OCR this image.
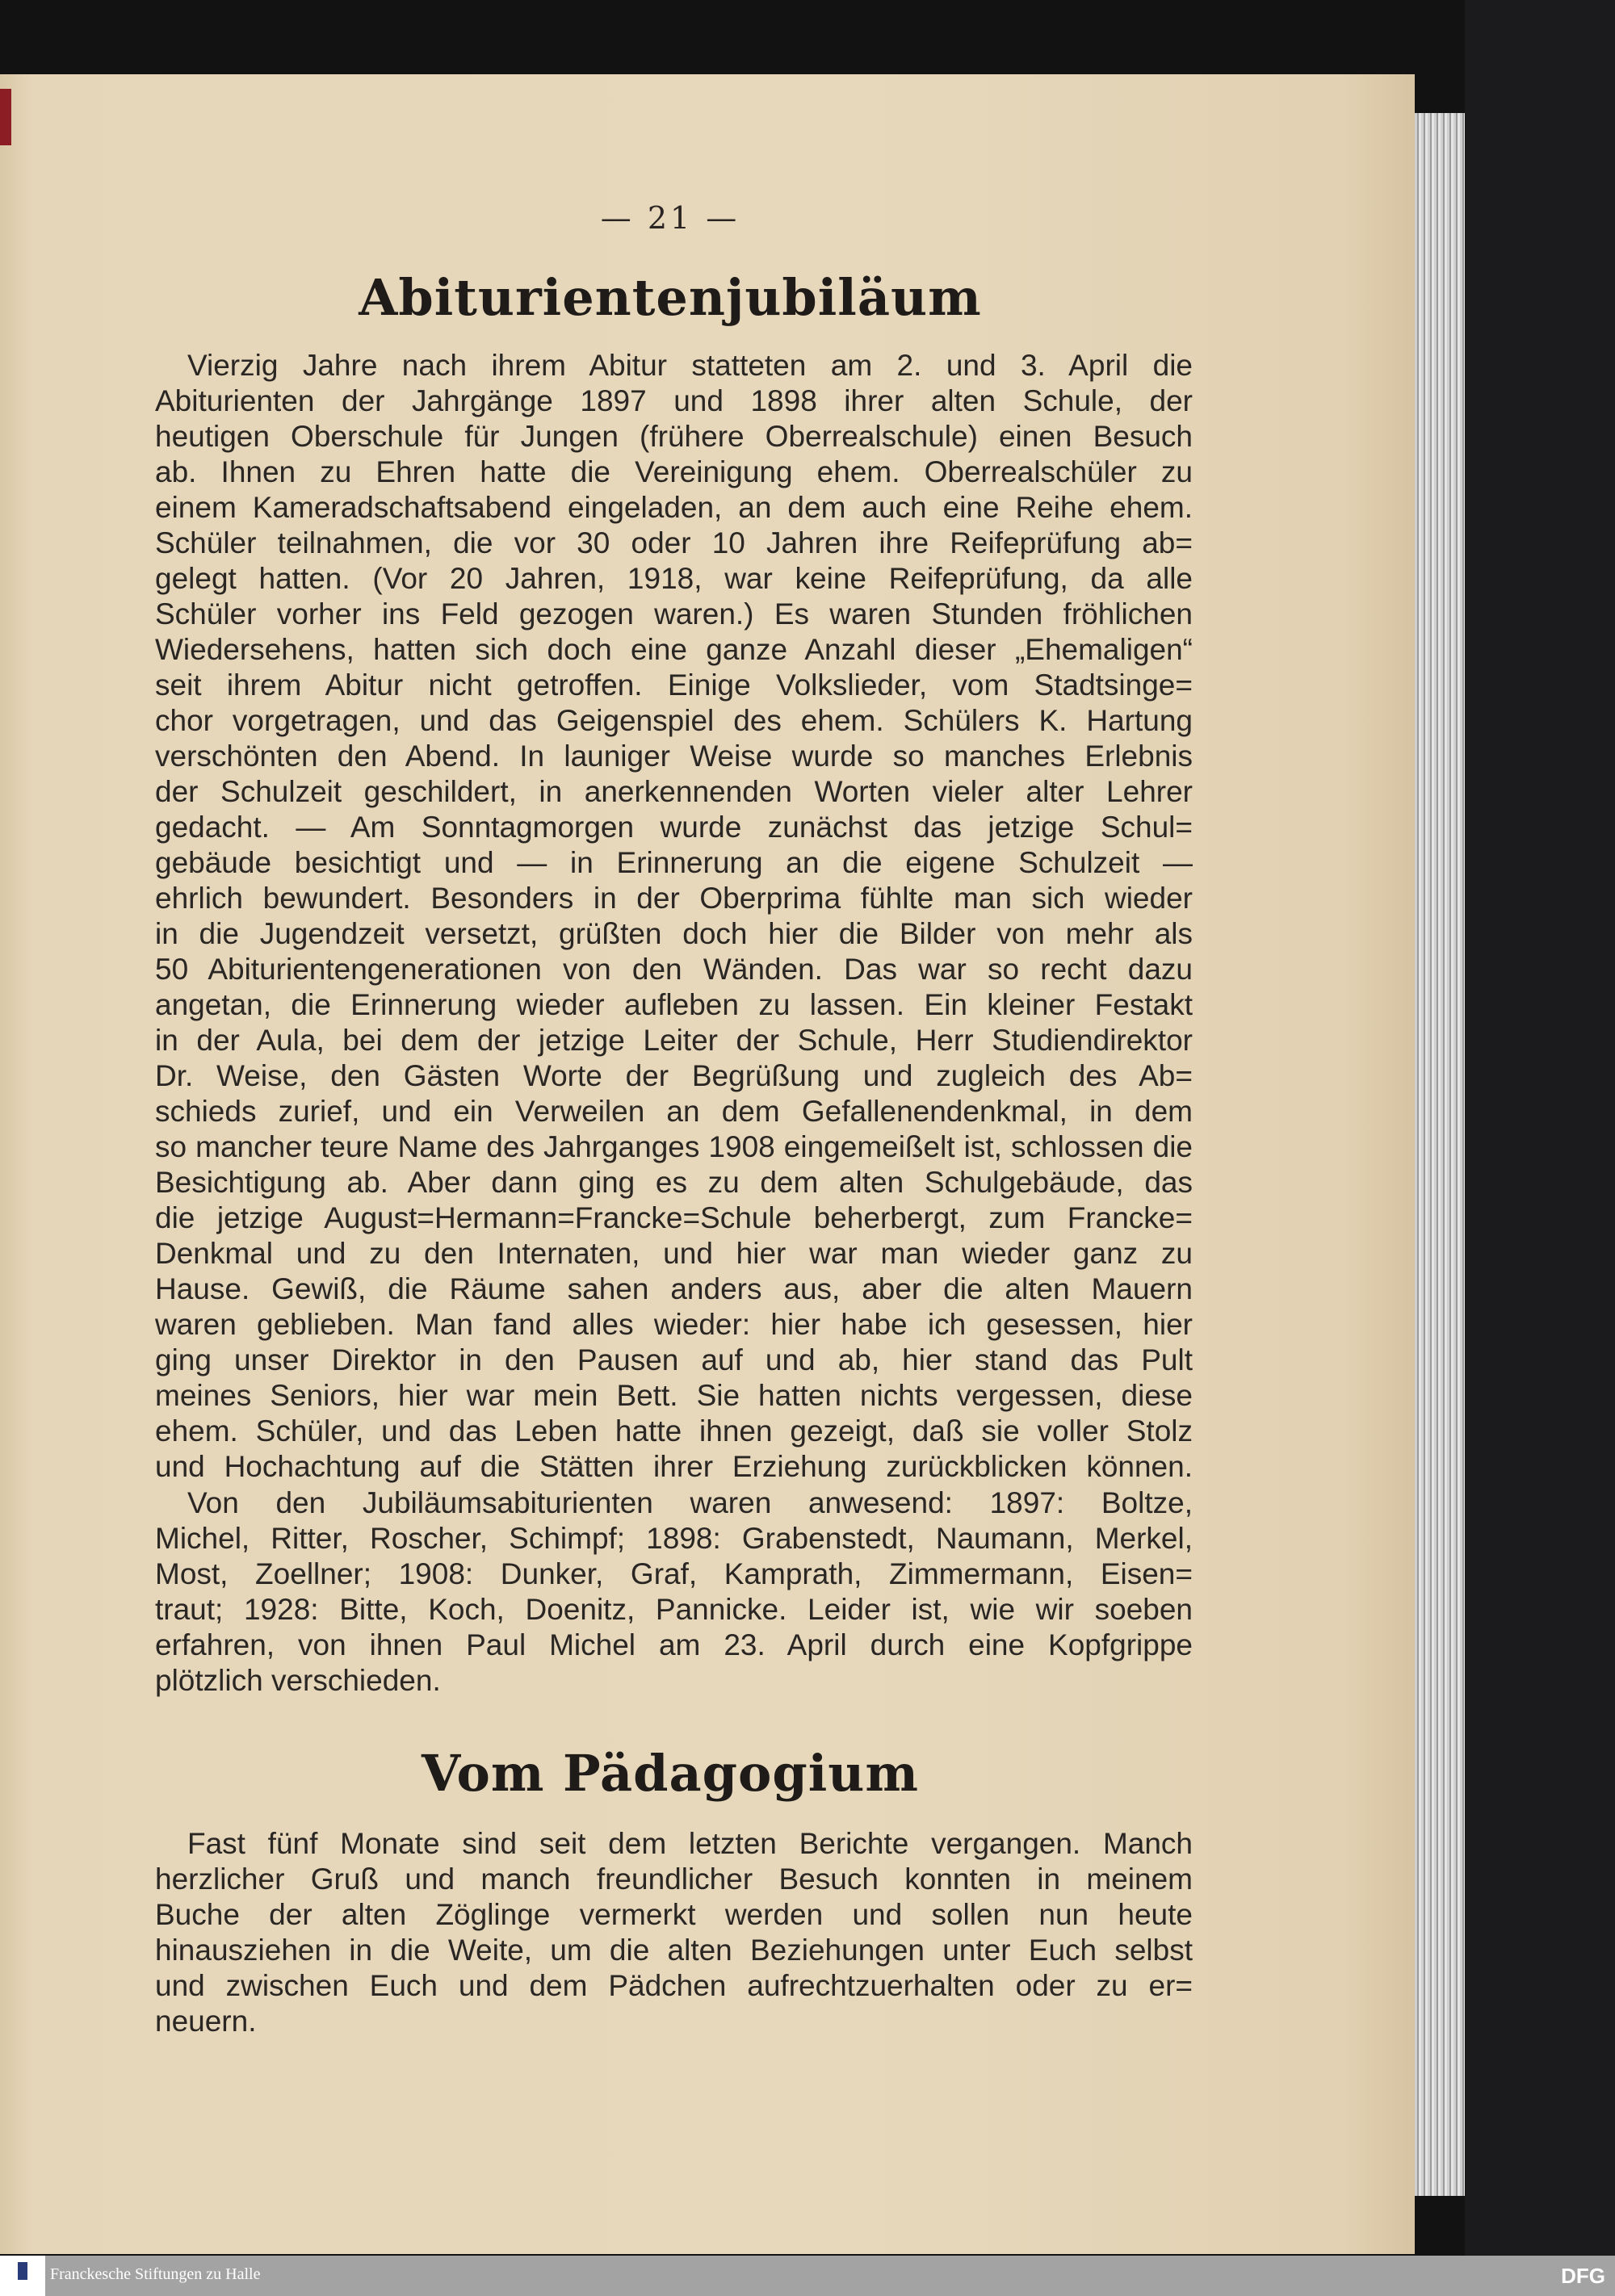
— 21 —
Abiturientenjubiläum
Vierzig Jahre nach ihrem Abitur statteten am 2. und 3. April die
Abiturienten der Jahrgänge 1897 und 1898 ihrer alten Schule, der
heutigen Oberschule für Jungen (frühere Oberrealschule) einen Besuch
ab. Ihnen zu Ehren hatte die Vereinigung ehem. Oberrealschüler zu
einem Kameradschaftsabend eingeladen, an dem auch eine Reihe ehem.
Schüler teilnahmen, die vor 30 oder 10 Jahren ihre Reifeprüfung ab=
gelegt hatten. (Vor 20 Jahren, 1918, war keine Reifeprüfung, da alle
Schüler vorher ins Feld gezogen waren.) Es waren Stunden fröhlichen
Wiedersehens, hatten sich doch eine ganze Anzahl dieser „Ehemaligen“
seit ihrem Abitur nicht getroffen. Einige Volkslieder, vom Stadtsinge=
chor vorgetragen, und das Geigenspiel des ehem. Schülers K. Hartung
verschönten den Abend. In launiger Weise wurde so manches Erlebnis
der Schulzeit geschildert, in anerkennenden Worten vieler alter Lehrer
gedacht. — Am Sonntagmorgen wurde zunächst das jetzige Schul=
gebäude besichtigt und — in Erinnerung an die eigene Schulzeit —
ehrlich bewundert. Besonders in der Oberprima fühlte man sich wieder
in die Jugendzeit versetzt, grüßten doch hier die Bilder von mehr als
50 Abiturientengenerationen von den Wänden. Das war so recht dazu
angetan, die Erinnerung wieder aufleben zu lassen. Ein kleiner Festakt
in der Aula, bei dem der jetzige Leiter der Schule, Herr Studiendirektor
Dr. Weise, den Gästen Worte der Begrüßung und zugleich des Ab=
schieds zurief, und ein Verweilen an dem Gefallenendenkmal, in dem
so mancher teure Name des Jahrganges 1908 eingemeißelt ist, schlossen die
Besichtigung ab. Aber dann ging es zu dem alten Schulgebäude, das
die jetzige August=Hermann=Francke=Schule beherbergt, zum Francke=
Denkmal und zu den Internaten, und hier war man wieder ganz zu
Hause. Gewiß, die Räume sahen anders aus, aber die alten Mauern
waren geblieben. Man fand alles wieder: hier habe ich gesessen, hier
ging unser Direktor in den Pausen auf und ab, hier stand das Pult
meines Seniors, hier war mein Bett. Sie hatten nichts vergessen, diese
ehem. Schüler, und das Leben hatte ihnen gezeigt, daß sie voller Stolz
und Hochachtung auf die Stätten ihrer Erziehung zurückblicken können.
Von den Jubiläumsabiturienten waren anwesend: 1897: Boltze,
Michel, Ritter, Roscher, Schimpf; 1898: Grabenstedt, Naumann, Merkel,
Most, Zoellner; 1908: Dunker, Graf, Kamprath, Zimmermann, Eisen=
traut; 1928: Bitte, Koch, Doenitz, Pannicke. Leider ist, wie wir soeben
erfahren, von ihnen Paul Michel am 23. April durch eine Kopfgrippe
plötzlich verschieden.
Vom Pädagogium
Fast fünf Monate sind seit dem letzten Berichte vergangen. Manch
herzlicher Gruß und manch freundlicher Besuch konnten in meinem
Buche der alten Zöglinge vermerkt werden und sollen nun heute
hinausziehen in die Weite, um die alten Beziehungen unter Euch selbst
und zwischen Euch und dem Pädchen aufrechtzuerhalten oder zu er=
neuern.
Franckesche Stiftungen zu Halle	DFG
